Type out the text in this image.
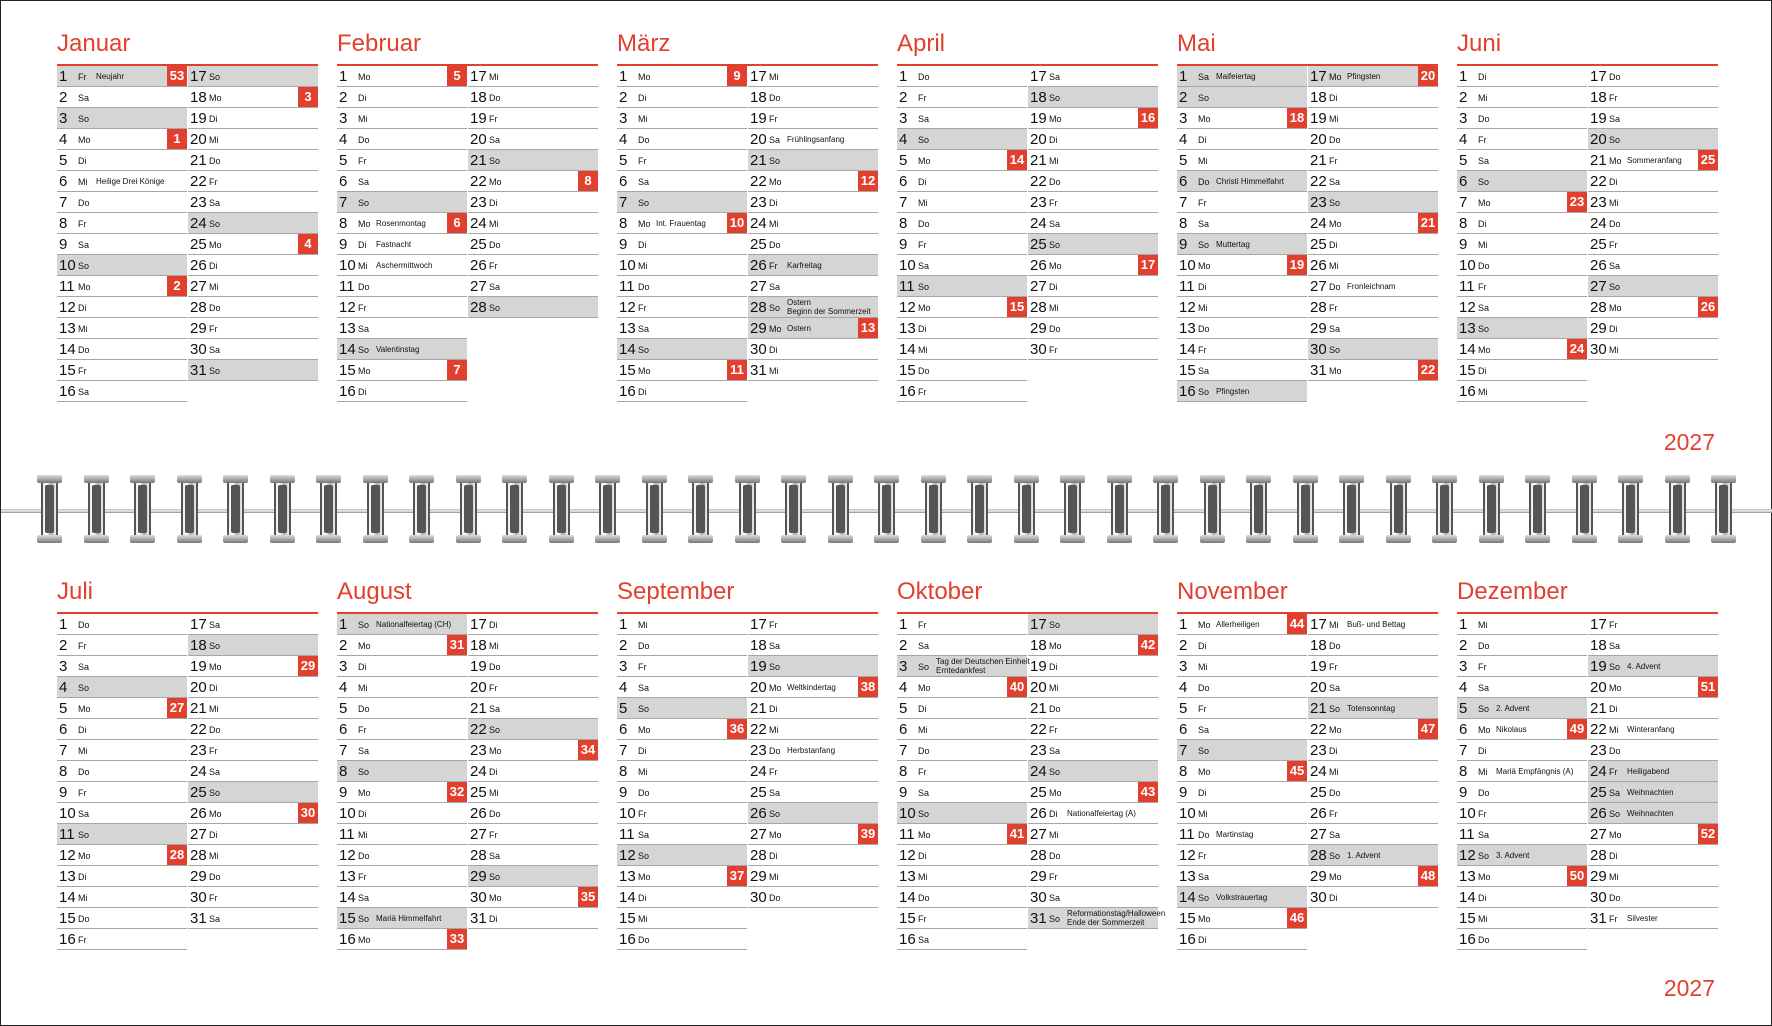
Januar
1 Fr Neujahr	53
2 Sa
3 So
4 Mo	1
5 Di
6 Mi Heilige Drei Könige
7 Do
8 Fr
9 Sa
10 So
11 Mo	2
12 Di
13 Mi
14 Do
15 Fr
16 Sa
17 So
18 Mo	3
19 Di
20 Mi
21 Do
22 Fr
23 Sa
24 So
25 Mo	4
26 Di
27 Mi
28 Do
29 Fr
30 Sa
31 So
Februar
1 Mo	5
2 Di
3 Mi
4 Do
5 Fr
6 Sa
7 So
8 Mo Rosenmontag	6
9 Di Fastnacht
10 Mi Aschermittwoch
11 Do
12 Fr
13 Sa
14 So Valentinstag
15 Mo	7
16 Di
17 Mi
18 Do
19 Fr
20 Sa
21 So
22 Mo	8
23 Di
24 Mi
25 Do
26 Fr
27 Sa
28 So
März
1 Mo	9
2 Di
3 Mi
4 Do
5 Fr
6 Sa
7 So
8 Mo Int. Frauentag 10
9 Di
10 Mi
11 Do
12 Fr
13 Sa
14 So
15 Mo	11
16 Di
17 Mi
18 Do
19 Fr
20 Sa Frühlingsanfang
21 So
22 Mo	12
23 Di
24 Mi
25 Do
26 Fr Karfreitag
27 Sa
28 So
Ostern
Beginn der Sommerzeit
29 Mo Ostern	13
30 Di
31 Mi
April
1 Do
2 Fr
3 Sa
4 So
5 Mo	14
6 Di
7 Mi
8 Do
9 Fr
10 Sa
11 So
12 Mo	15
13 Di
14 Mi
15 Do
16 Fr
17 Sa
18 So
19 Mo	16
20 Di
21 Mi
22 Do
23 Fr
24 Sa
25 So
26 Mo	17
27 Di
28 Mi
29 Do
30 Fr
Mai
1 Sa Maifeiertag
2 So
3 Mo	18
4 Di
5 Mi
6 Do Christi Himmelfahrt
7 Fr
8 Sa
9 So Muttertag
10 Mo	19
11 Di
12 Mi
13 Do
14 Fr
15 Sa
16 So Pfingsten
17 Mo Pfingsten	20
18 Di
19 Mi
20 Do
21 Fr
22 Sa
23 So
24 Mo	21
25 Di
26 Mi
27 Do Fronleichnam
28 Fr
29 Sa
30 So
31 Mo	22
Juni
1 Di
2 Mi
3 Do
4 Fr
5 Sa
6 So
7 Mo	23
8 Di
9 Mi
10 Do
11 Fr
12 Sa
13 So
14 Mo	24
15 Di
16 Mi
17 Do
18 Fr
19 Sa
20 So
21 Mo Sommeranfang 25
22 Di
23 Mi
24 Do
25 Fr
26 Sa
27 So
28 Mo	26
29 Di
30 Mi
2027
Juli
1 Do
2 Fr
3 Sa
4 So
5 Mo	27
6 Di
7 Mi
8 Do
9 Fr
10 Sa
11 So
12 Mo	28
13 Di
14 Mi
15 Do
16 Fr
17 Sa
18 So
19 Mo	29
20 Di
21 Mi
22 Do
23 Fr
24 Sa
25 So
26 Mo	30
27 Di
28 Mi
29 Do
30 Fr
31 Sa
August
1 So Nationalfeiertag (CH)
2 Mo	31
3 Di
4 Mi
5 Do
6 Fr
7 Sa
8 So
9 Mo	32
10 Di
11 Mi
12 Do
13 Fr
14 Sa
15 So Mariä Himmelfahrt
16 Mo	33
17 Di
18 Mi
19 Do
20 Fr
21 Sa
22 So
23 Mo	34
24 Di
25 Mi
26 Do
27 Fr
28 Sa
29 So
30 Mo	35
31 Di
September
1 Mi
2 Do
3 Fr
4 Sa
5 So
6 Mo	36
7 Di
8 Mi
9 Do
10 Fr
11 Sa
12 So
13 Mo	37
14 Di
15 Mi
16 Do
17 Fr
18 Sa
19 So
20 Mo Weltkindertag 38
21 Di
22 Mi
23 Do Herbstanfang
24 Fr
25 Sa
26 So
27 Mo	39
28 Di
29 Mi
30 Do
Oktober
1 Fr
2 Sa
3 So
Tag der Deutschen Einheit
Erntedankfest
4 Mo	40
5 Di
6 Mi
7 Do
8 Fr
9 Sa
10 So
11 Mo	41
12 Di
13 Mi
14 Do
15 Fr
16 Sa
17 So
18 Mo	42
19 Di
20 Mi
21 Do
22 Fr
23 Sa
24 So
25 Mo	43
26 Di Nationalfeiertag (A)
27 Mi
28 Do
29 Fr
30 Sa
31 So
Reformationstag/Halloween
Ende der Sommerzeit
November
1 Mo Allerheiligen 44
2 Di
3 Mi
4 Do
5 Fr
6 Sa
7 So
8 Mo	45
9 Di
10 Mi
11 Do Martinstag
12 Fr
13 Sa
14 So Volkstrauertag
15 Mo	46
16 Di
17 Mi Buß- und Bettag
18 Do
19 Fr
20 Sa
21 So Totensonntag
22 Mo	47
23 Di
24 Mi
25 Do
26 Fr
27 Sa
28 So 1. Advent
29 Mo	48
30 Di
Dezember
1 Mi
2 Do
3 Fr
4 Sa
5 So 2. Advent
6 Mo Nikolaus	49
7 Di
8 Mi Mariä Empfängnis (A)
9 Do
10 Fr
11 Sa
12 So 3. Advent
13 Mo	50
14 Di
15 Mi
16 Do
17 Fr
18 Sa
19 So 4. Advent
20 Mo	51
21 Di
22 Mi Winteranfang
23 Do
24 Fr Heiligabend
25 Sa Weihnachten
26 So Weihnachten
27 Mo	52
28 Di
29 Mi
30 Do
31 Fr Silvester
2027
